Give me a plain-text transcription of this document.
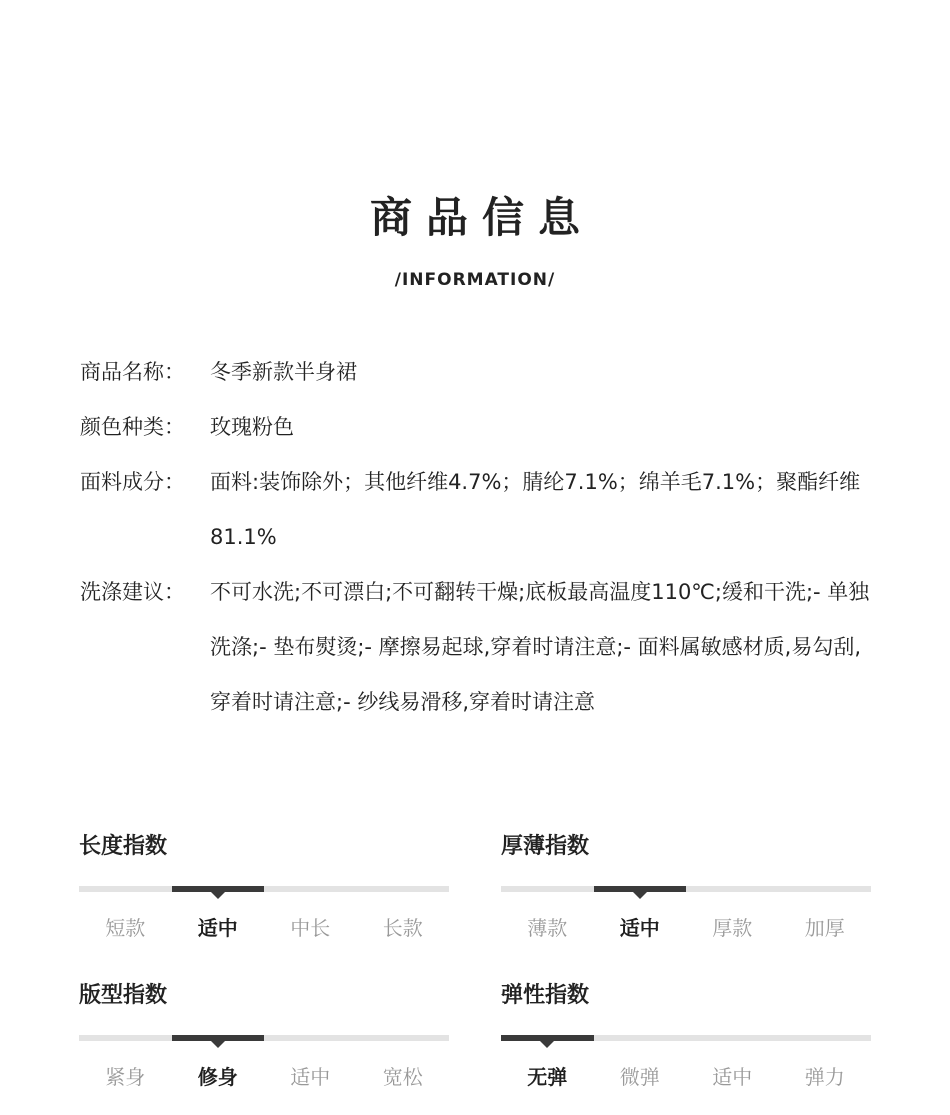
商品信息
/INFORMATION/
商品名称：	冬季新款半身裙
颜色种类：	玫瑰粉色
面料成分：	面料:装饰除外；其他纤维4.7%；腈纶7.1%；绵羊毛7.1%；聚酯纤维81.1%
洗涤建议：	不可水洗;不可漂白;不可翻转干燥;底板最高温度110℃;缓和干洗;- 单独洗涤;- 垫布熨烫;- 摩擦易起球,穿着时请注意;- 面料属敏感材质,易勾刮,穿着时请注意;- 纱线易滑移,穿着时请注意
长度指数
短款	适中	中长	长款
厚薄指数
薄款	适中	厚款	加厚
版型指数
紧身	修身	适中	宽松
弹性指数
无弹	微弹	适中	弹力
